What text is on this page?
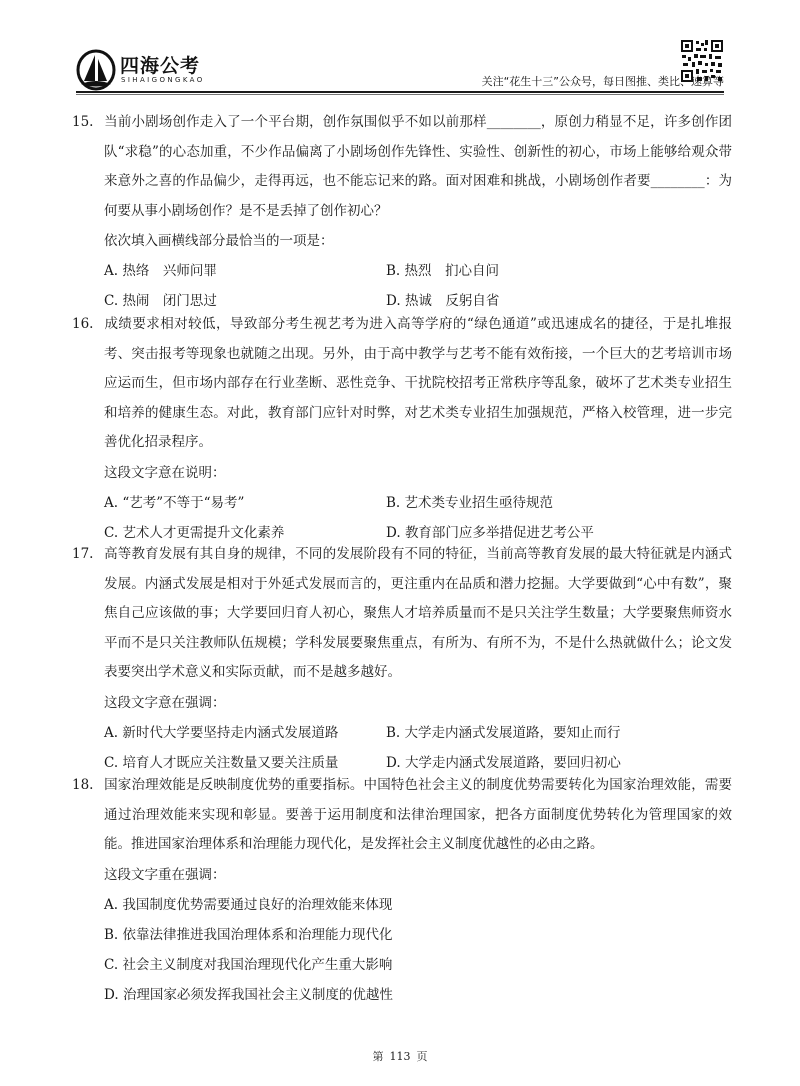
四海公考
SIHAIGONGKAO	关注“花生十三”公众号，每日图推、类比、速算等

15. 当前小剧场创作走入了一个平台期，创作氛围似乎不如以前那样________，原创力稍显不足，许多创作团队“求稳”的心态加重，不少作品偏离了小剧场创作先锋性、实验性、创新性的初心，市场上能够给观众带来意外之喜的作品偏少，走得再远，也不能忘记来的路。面对困难和挑战，小剧场创作者要________：为何要从事小剧场创作？是不是丢掉了创作初心？

依次填入画横线部分最恰当的一项是：

A. 热络　兴师问罪	B. 热烈　扪心自问
C. 热闹　闭门思过	D. 热诚　反躬自省

16. 成绩要求相对较低，导致部分考生视艺考为进入高等学府的“绿色通道”或迅速成名的捷径，于是扎堆报考、突击报考等现象也就随之出现。另外，由于高中教学与艺考不能有效衔接，一个巨大的艺考培训市场应运而生，但市场内部存在行业垄断、恶性竞争、干扰院校招考正常秩序等乱象，破坏了艺术类专业招生和培养的健康生态。对此，教育部门应针对时弊，对艺术类专业招生加强规范，严格入校管理，进一步完善优化招录程序。

这段文字意在说明：

A. “艺考”不等于“易考”	B. 艺术类专业招生亟待规范
C. 艺术人才更需提升文化素养	D. 教育部门应多举措促进艺考公平

17. 高等教育发展有其自身的规律，不同的发展阶段有不同的特征，当前高等教育发展的最大特征就是内涵式发展。内涵式发展是相对于外延式发展而言的，更注重内在品质和潜力挖掘。大学要做到“心中有数”，聚焦自己应该做的事；大学要回归育人初心，聚焦人才培养质量而不是只关注学生数量；大学要聚焦师资水平而不是只关注教师队伍规模；学科发展要聚焦重点，有所为、有所不为，不是什么热就做什么；论文发表要突出学术意义和实际贡献，而不是越多越好。

这段文字意在强调：

A. 新时代大学要坚持走内涵式发展道路	B. 大学走内涵式发展道路，要知止而行
C. 培育人才既应关注数量又要关注质量	D. 大学走内涵式发展道路，要回归初心

18. 国家治理效能是反映制度优势的重要指标。中国特色社会主义的制度优势需要转化为国家治理效能，需要通过治理效能来实现和彰显。要善于运用制度和法律治理国家，把各方面制度优势转化为管理国家的效能。推进国家治理体系和治理能力现代化，是发挥社会主义制度优越性的必由之路。

这段文字重在强调：

A. 我国制度优势需要通过良好的治理效能来体现
B. 依靠法律推进我国治理体系和治理能力现代化
C. 社会主义制度对我国治理现代化产生重大影响
D. 治理国家必须发挥我国社会主义制度的优越性
第 113 页
